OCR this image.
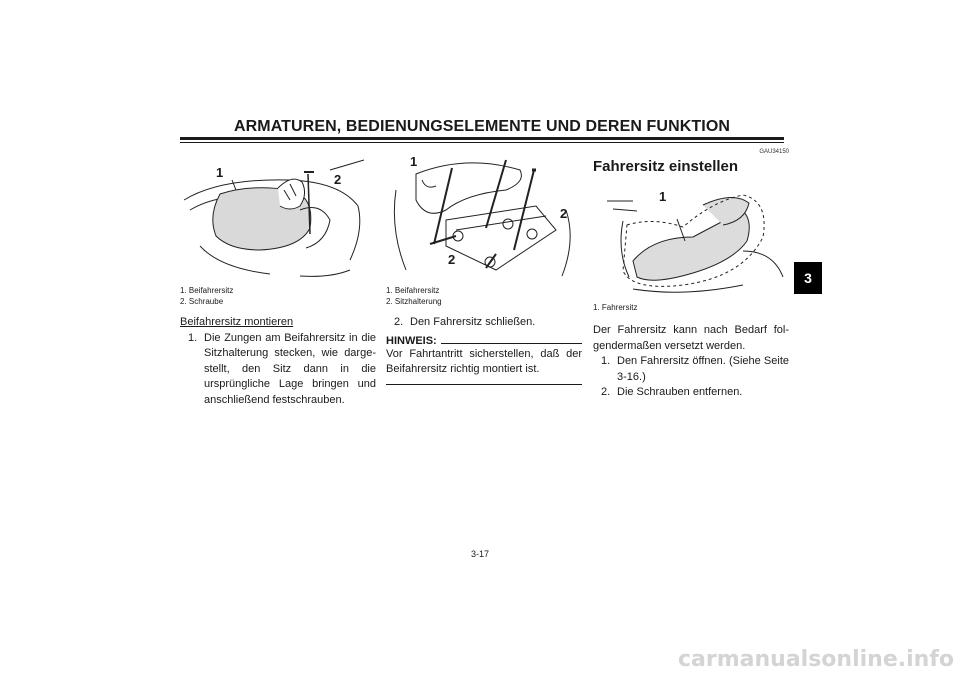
ARMATUREN, BEDIENUNGSELEMENTE UND DEREN FUNKTION
3
1	2
1. Beifahrersitz
2. Schraube
Beifahrersitz montieren
1. Die Zungen am Beifahrersitz in die Sitzhalterung stecken, wie dargestellt, den Sitz dann in die ursprüngliche Lage bringen und anschließend festschrauben.
1
2
2
1. Beifahrersitz
2. Sitzhalterung
2. Den Fahrersitz schließen.
HINWEIS:
Vor Fahrtantritt sicherstellen, daß der Beifahrersitz richtig montiert ist.
GAU34150
Fahrersitz einstellen
1
1. Fahrersitz
Der Fahrersitz kann nach Bedarf folgendermaßen versetzt werden.
1. Den Fahrersitz öffnen. (Siehe Seite 3-16.)
2. Die Schrauben entfernen.
3-17
carmanualsonline.info
